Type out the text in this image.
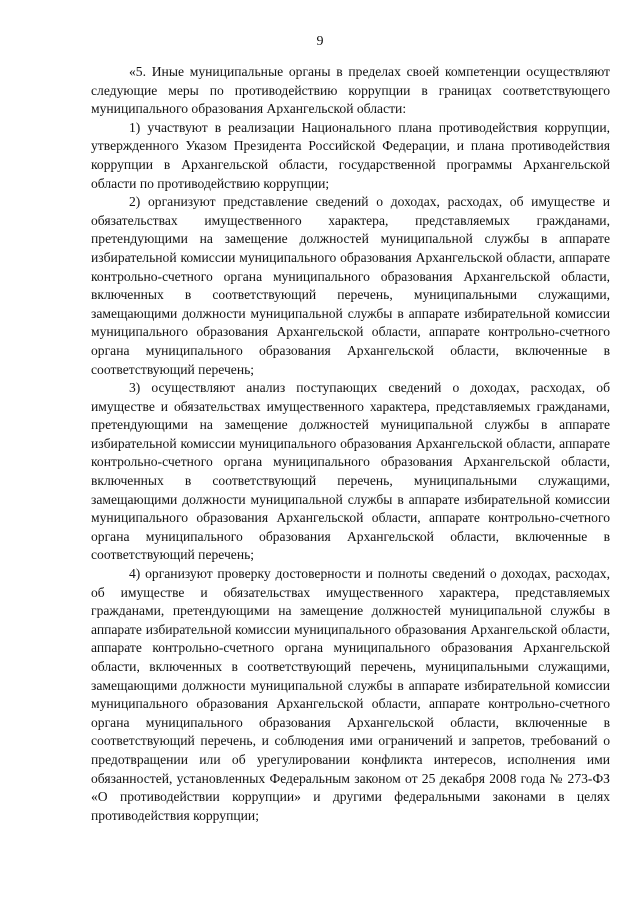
9

«5. Иные муниципальные органы в пределах своей компетенции осуществляют следующие меры по противодействию коррупции в границах соответствующего муниципального образования Архангельской области:

1) участвуют в реализации Национального плана противодействия коррупции, утвержденного Указом Президента Российской Федерации, и плана противодействия коррупции в Архангельской области, государственной программы Архангельской области по противодействию коррупции;

2) организуют представление сведений о доходах, расходах, об имуществе и обязательствах имущественного характера, представляемых гражданами, претендующими на замещение должностей муниципальной службы в аппарате избирательной комиссии муниципального образования Архангельской области, аппарате контрольно-счетного органа муниципального образования Архангельской области, включенных в соответствующий перечень, муниципальными служащими, замещающими должности муниципальной службы в аппарате избирательной комиссии муниципального образования Архангельской области, аппарате контрольно-счетного органа муниципального образования Архангельской области, включенные в соответствующий перечень;

3) осуществляют анализ поступающих сведений о доходах, расходах, об имуществе и обязательствах имущественного характера, представляемых гражданами, претендующими на замещение должностей муниципальной службы в аппарате избирательной комиссии муниципального образования Архангельской области, аппарате контрольно-счетного органа муниципального образования Архангельской области, включенных в соответствующий перечень, муниципальными служащими, замещающими должности муниципальной службы в аппарате избирательной комиссии муниципального образования Архангельской области, аппарате контрольно-счетного органа муниципального образования Архангельской области, включенные в соответствующий перечень;

4) организуют проверку достоверности и полноты сведений о доходах, расходах, об имуществе и обязательствах имущественного характера, представляемых гражданами, претендующими на замещение должностей муниципальной службы в аппарате избирательной комиссии муниципального образования Архангельской области, аппарате контрольно-счетного органа муниципального образования Архангельской области, включенных в соответствующий перечень, муниципальными служащими, замещающими должности муниципальной службы в аппарате избирательной комиссии муниципального образования Архангельской области, аппарате контрольно-счетного органа муниципального образования Архангельской области, включенные в соответствующий перечень, и соблюдения ими ограничений и запретов, требований о предотвращении или об урегулировании конфликта интересов, исполнения ими обязанностей, установленных Федеральным законом от 25 декабря 2008 года № 273-ФЗ «О противодействии коррупции» и другими федеральными законами в целях противодействия коррупции;
